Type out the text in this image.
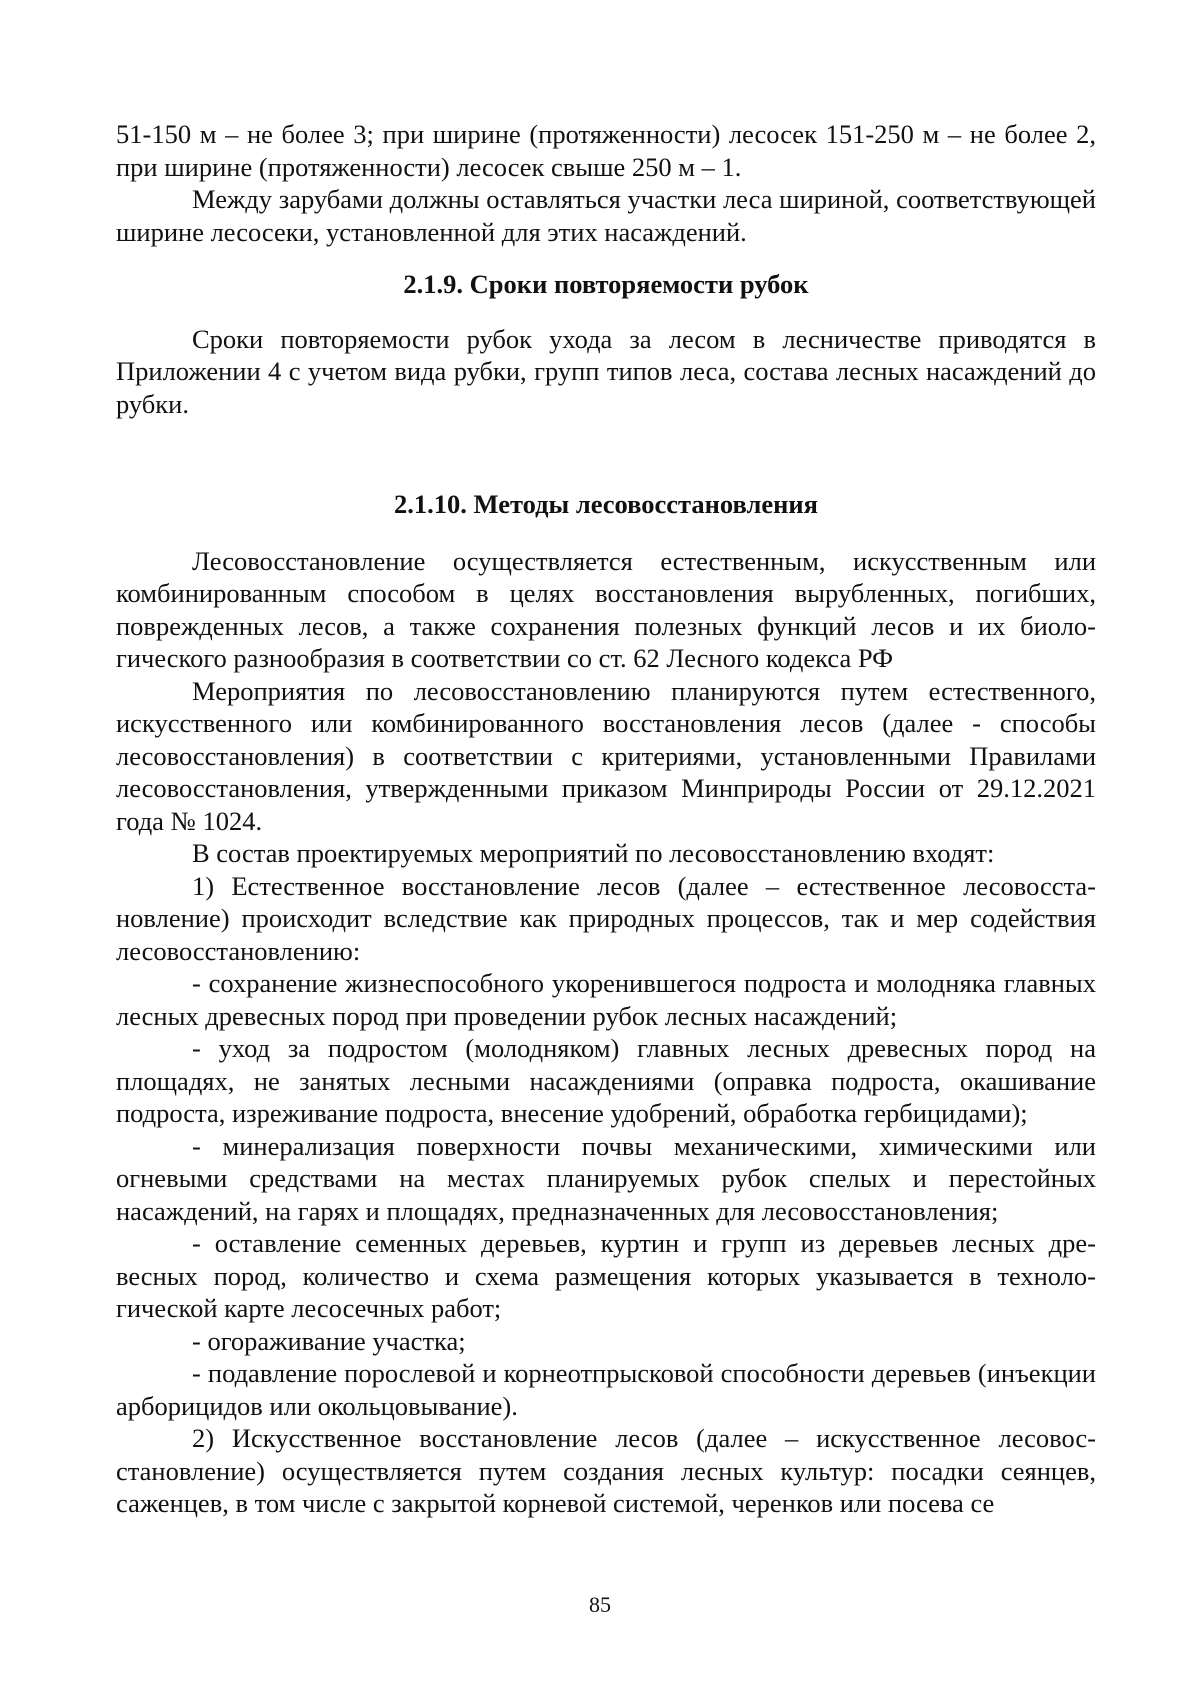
51-150 м – не более 3; при ширине (протяженности) лесосек 151-250 м – не более 2, при ширине (протяженности) лесосек свыше 250 м – 1.

Между зарубами должны оставляться участки леса шириной, соответствующей ширине лесосеки, установленной для этих насаждений.

2.1.9. Сроки повторяемости рубок

Сроки повторяемости рубок ухода за лесом в лесничестве приводятся в Приложении 4 с учетом вида рубки, групп типов леса, состава лесных насаждений до рубки.

2.1.10. Методы лесовосстановления

Лесовосстановление осуществляется естественным, искусственным или комбинированным способом в целях восстановления вырубленных, погибших, поврежденных лесов, а также сохранения полезных функций лесов и их биологического разнообразия в соответствии со ст. 62 Лесного кодекса РФ

Мероприятия по лесовосстановлению планируются путем естественного, искусственного или комбинированного восстановления лесов (далее - способы лесовосстановления) в соответствии с критериями, установленными Правилами лесовосстановления, утвержденными приказом Минприроды России от 29.12.2021 года № 1024.

В состав проектируемых мероприятий по лесовосстановлению входят:

1) Естественное восстановление лесов (далее – естественное лесовосстановление) происходит вследствие как природных процессов, так и мер содействия лесовосстановлению:

- сохранение жизнеспособного укоренившегося подроста и молодняка главных лесных древесных пород при проведении рубок лесных насаждений;

- уход за подростом (молодняком) главных лесных древесных пород на площадях, не занятых лесными насаждениями (оправка подроста, окашивание подроста, изреживание подроста, внесение удобрений, обработка гербицидами);

- минерализация поверхности почвы механическими, химическими или огневыми средствами на местах планируемых рубок спелых и перестойных насаждений, на гарях и площадях, предназначенных для лесовосстановления;

- оставление семенных деревьев, куртин и групп из деревьев лесных древесных пород, количество и схема размещения которых указывается в технологической карте лесосечных работ;

- огораживание участка;

- подавление порослевой и корнеотпрысковой способности деревьев (инъекции арборицидов или окольцовывание).

2) Искусственное восстановление лесов (далее – искусственное лесовосстановление) осуществляется путем создания лесных культур: посадки сеянцев, саженцев, в том числе с закрытой корневой системой, черенков или посева се

85
